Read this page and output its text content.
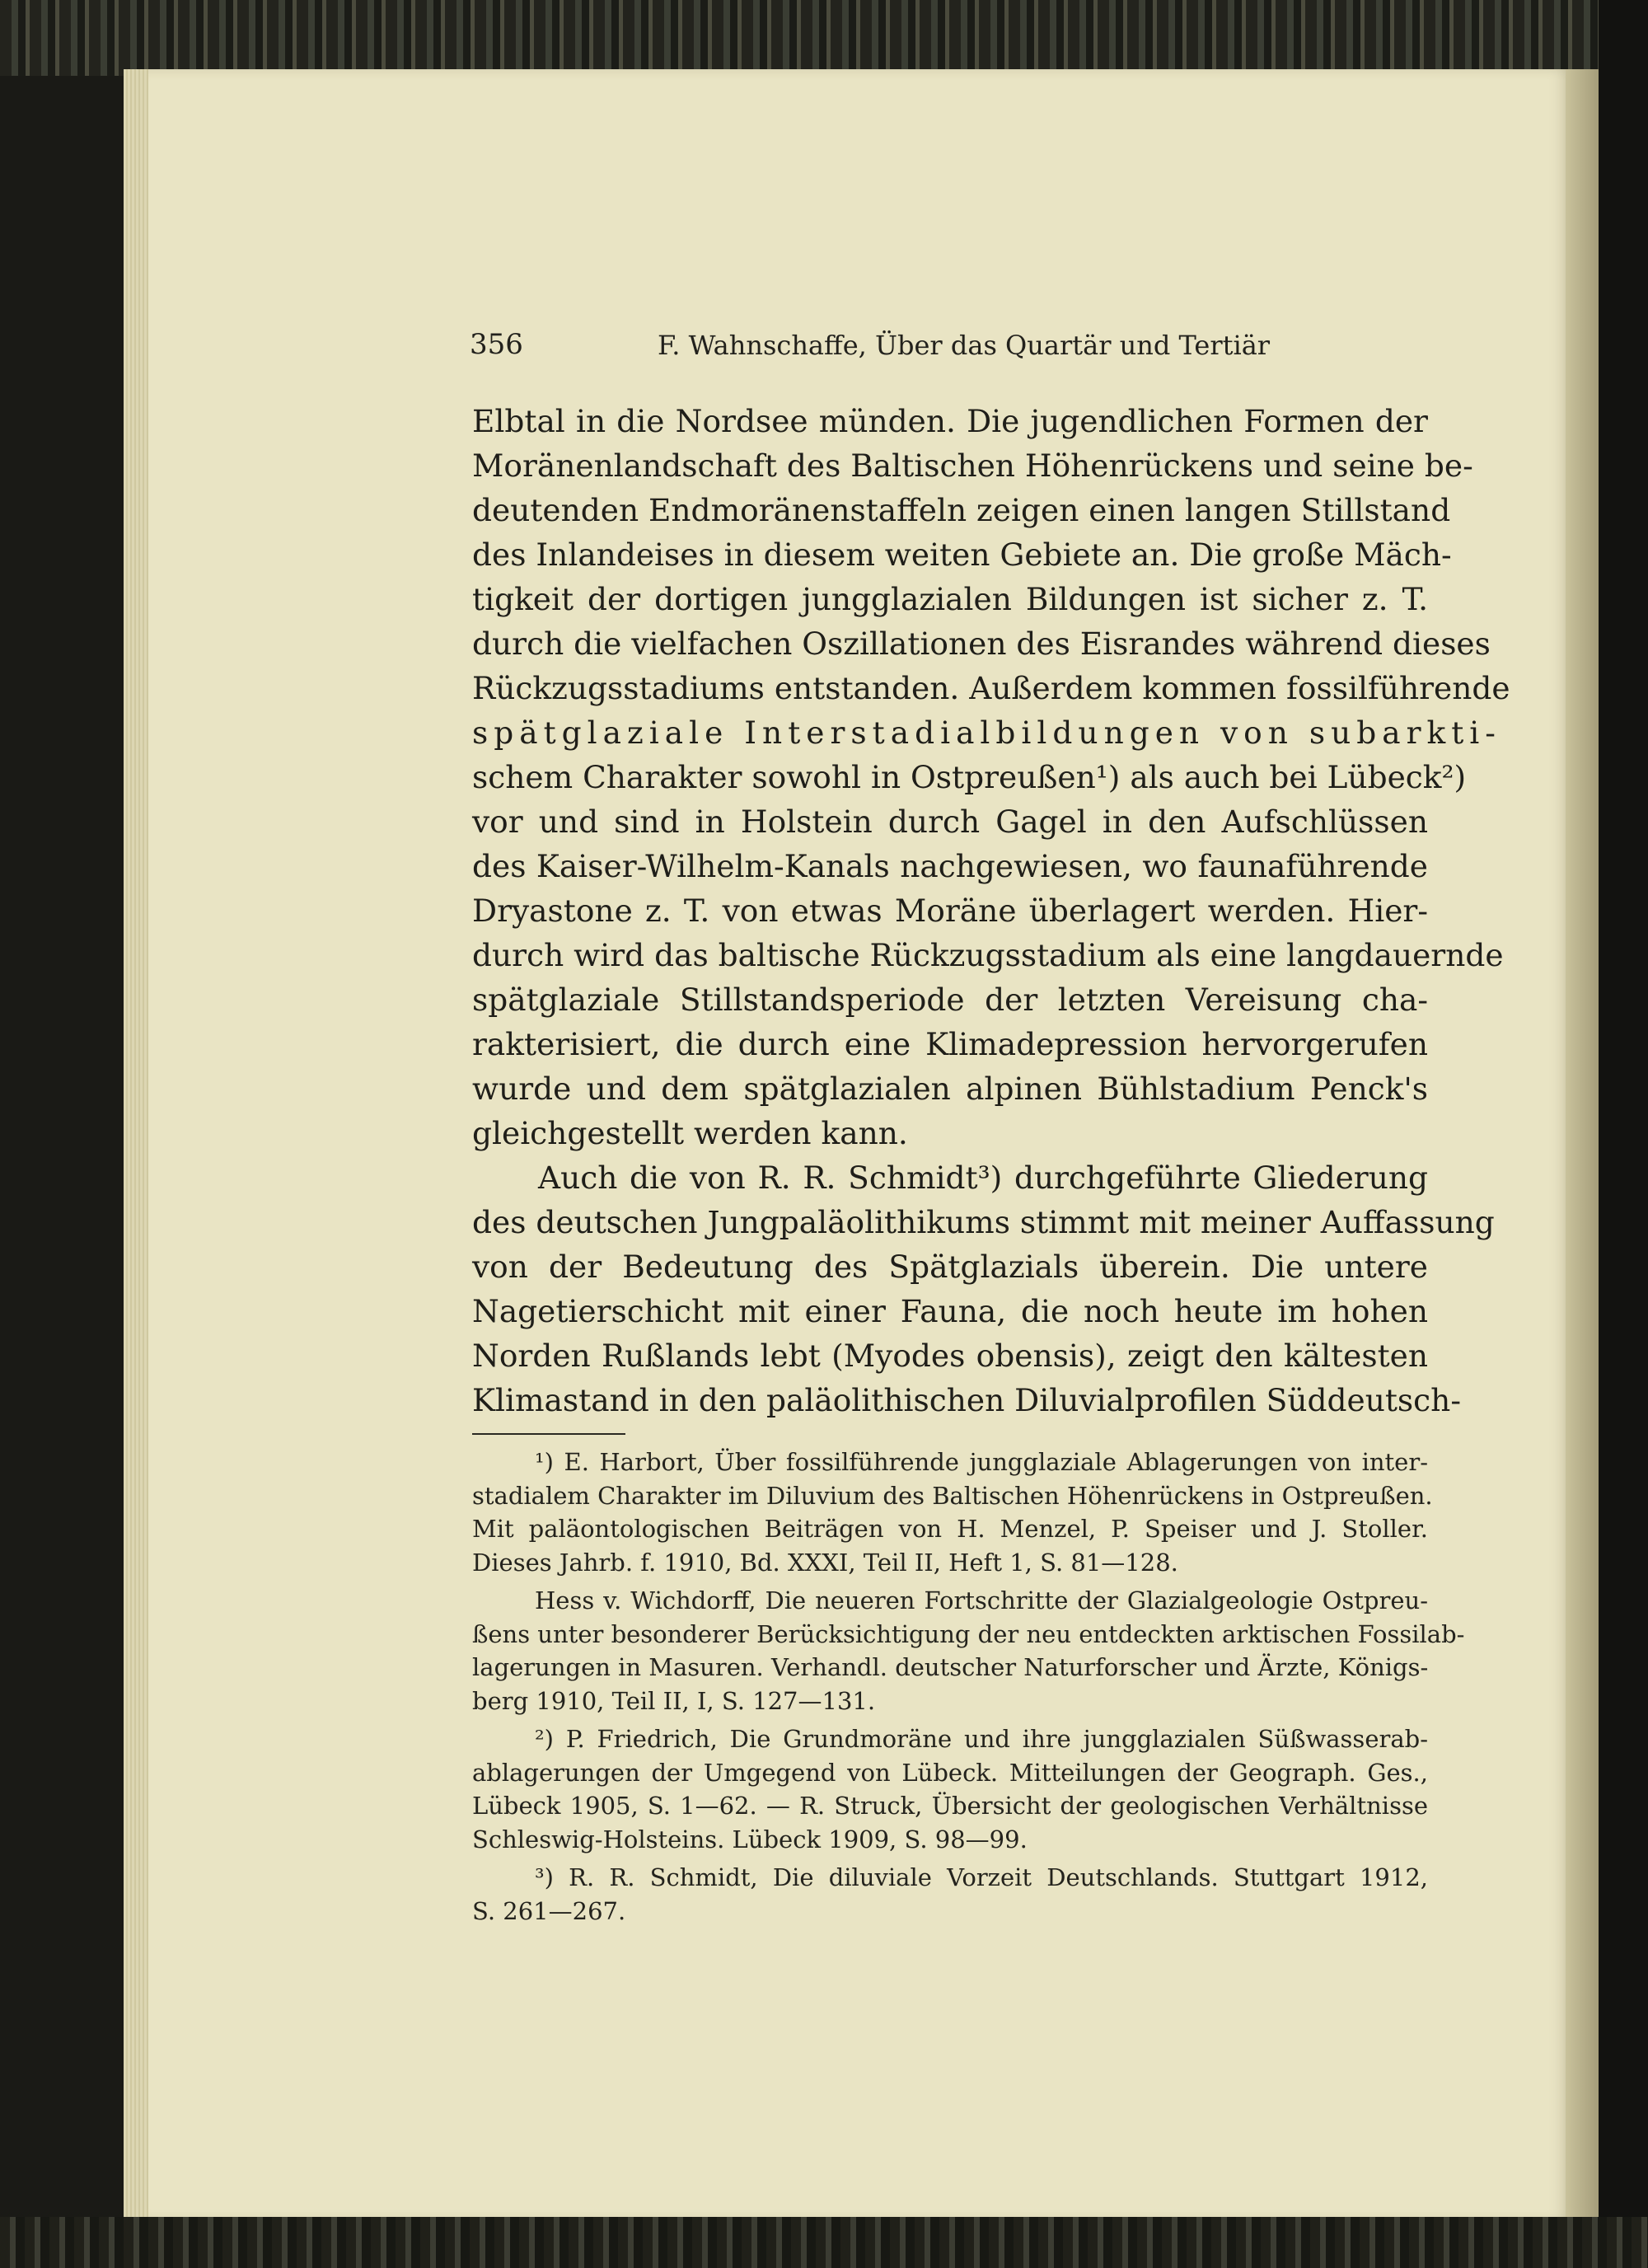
356	F. Wahnschaffe, Über das Quartär und Tertiär
Elbtal in die Nordsee münden. Die jugendlichen Formen der
Moränenlandschaft des Baltischen Höhenrückens und seine be-
deutenden Endmoränenstaffeln zeigen einen langen Stillstand
des Inlandeises in diesem weiten Gebiete an. Die große Mäch-
tigkeit der dortigen jungglazialen Bildungen ist sicher z. T.
durch die vielfachen Oszillationen des Eisrandes während dieses
Rückzugsstadiums entstanden. Außerdem kommen fossilführende
spätglaziale Interstadialbildungen von subarkti-
schem Charakter sowohl in Ostpreußen¹) als auch bei Lübeck²)
vor und sind in Holstein durch Gagel in den Aufschlüssen
des Kaiser-Wilhelm-Kanals nachgewiesen, wo faunaführende
Dryastone z. T. von etwas Moräne überlagert werden. Hier-
durch wird das baltische Rückzugsstadium als eine langdauernde
spätglaziale Stillstandsperiode der letzten Vereisung cha-
rakterisiert, die durch eine Klimadepression hervorgerufen
wurde und dem spätglazialen alpinen Bühlstadium Penck's
gleichgestellt werden kann.
Auch die von R. R. Schmidt³) durchgeführte Gliederung
des deutschen Jungpaläolithikums stimmt mit meiner Auffassung
von der Bedeutung des Spätglazials überein. Die untere
Nagetierschicht mit einer Fauna, die noch heute im hohen
Norden Rußlands lebt (Myodes obensis), zeigt den kältesten
Klimastand in den paläolithischen Diluvialprofilen Süddeutsch-
¹) E. Harbort, Über fossilführende jungglaziale Ablagerungen von inter-
stadialem Charakter im Diluvium des Baltischen Höhenrückens in Ostpreußen.
Mit paläontologischen Beiträgen von H. Menzel, P. Speiser und J. Stoller.
Dieses Jahrb. f. 1910, Bd. XXXI, Teil II, Heft 1, S. 81—128.
Hess v. Wichdorff, Die neueren Fortschritte der Glazialgeologie Ostpreu-
ßens unter besonderer Berücksichtigung der neu entdeckten arktischen Fossilab-
lagerungen in Masuren. Verhandl. deutscher Naturforscher und Ärzte, Königs-
berg 1910, Teil II, I, S. 127—131.
²) P. Friedrich, Die Grundmoräne und ihre jungglazialen Süßwasserab-
ablagerungen der Umgegend von Lübeck. Mitteilungen der Geograph. Ges.,
Lübeck 1905, S. 1—62. — R. Struck, Übersicht der geologischen Verhältnisse
Schleswig-Holsteins. Lübeck 1909, S. 98—99.
³) R. R. Schmidt, Die diluviale Vorzeit Deutschlands. Stuttgart 1912,
S. 261—267.
